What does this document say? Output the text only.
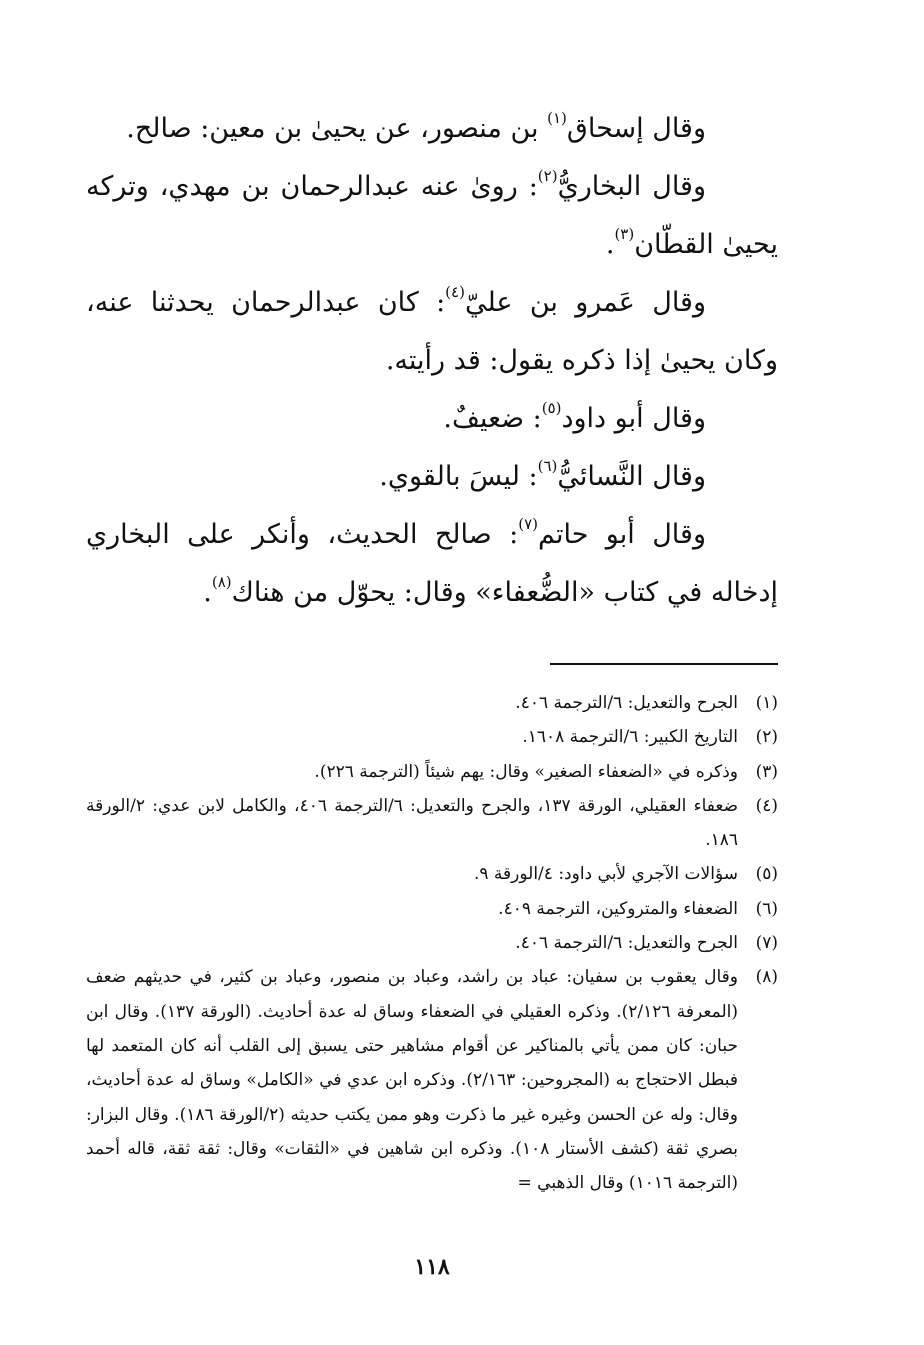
وقال إسحاق$^{(١)}$ بن منصور، عن يحيىٰ بن معين: صالح.

وقال البخاريُّ$^{(٢)}$: روىٰ عنه عبدالرحمان بن مهدي، وتركه يحيىٰ القطّان$^{(٣)}$.

وقال عَمرو بن عليّ$^{(٤)}$: كان عبدالرحمان يحدثنا عنه، وكان يحيىٰ إذا ذكره يقول: قد رأيته.

وقال أبو داود$^{(٥)}$: ضعيفٌ.

وقال النَّسائيُّ$^{(٦)}$: ليسَ بالقوي.

وقال أبو حاتم$^{(٧)}$: صالح الحديث، وأنكر على البخاري إدخاله في كتاب «الضُّعفاء» وقال: يحوّل من هناك$^{(٨)}$.

(١)
الجرح والتعديل: ٦/الترجمة ٤٠٦.
(٢)
التاريخ الكبير: ٦/الترجمة ١٦٠٨.
(٣)
وذكره في «الضعفاء الصغير» وقال: يهم شيئاً (الترجمة ٢٢٦).
(٤)
ضعفاء العقيلي، الورقة ١٣٧، والجرح والتعديل: ٦/الترجمة ٤٠٦، والكامل لابن عدي: ٢/الورقة ١٨٦.
(٥)
سؤالات الآجري لأبي داود: ٤/الورقة ٩.
(٦)
الضعفاء والمتروكين، الترجمة ٤٠٩.
(٧)
الجرح والتعديل: ٦/الترجمة ٤٠٦.
(٨)
وقال يعقوب بن سفيان: عباد بن راشد، وعباد بن منصور، وعباد بن كثير، في حديثهم ضعف (المعرفة ٢/١٢٦). وذكره العقيلي في الضعفاء وساق له عدة أحاديث. (الورقة ١٣٧). وقال ابن حبان: كان ممن يأتي بالمناكير عن أقوام مشاهير حتى يسبق إلى القلب أنه كان المتعمد لها فبطل الاحتجاج به (المجروحين: ٢/١٦٣). وذكره ابن عدي في «الكامل» وساق له عدة أحاديث، وقال: وله عن الحسن وغيره غير ما ذكرت وهو ممن يكتب حديثه (٢/الورقة ١٨٦). وقال البزار: بصري ثقة (كشف الأستار ١٠٨). وذكره ابن شاهين في «الثقات» وقال: ثقة ثقة، قاله أحمد (الترجمة ١٠١٦) وقال الذهبي =
١١٨
